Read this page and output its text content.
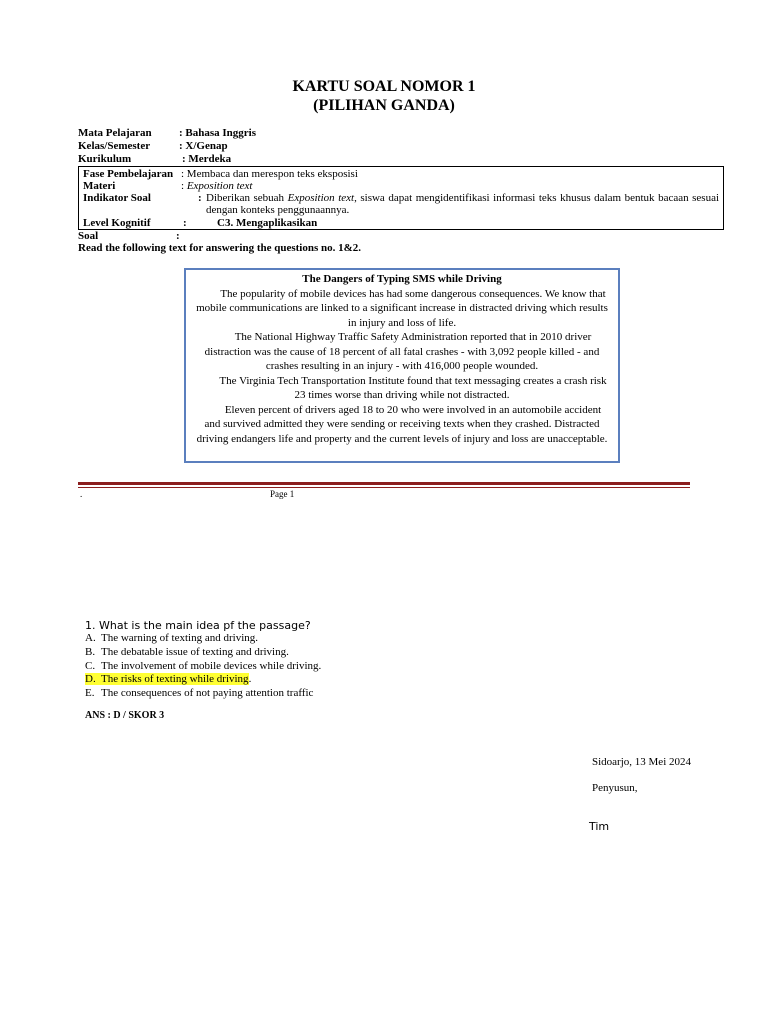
KARTU SOAL NOMOR 1
(PILIHAN GANDA)
Mata Pelajaran : Bahasa Inggris
Kelas/Semester	: X/Genap
Kurikulum	: Merdeka
Fase Pembelajaran : Membaca dan merespon teks eksposisi
Materi	: Exposition text
Indikator Soal	: Diberikan sebuah Exposition text, siswa dapat mengidentifikasi informasi teks khusus dalam bentuk bacaan sesuai dengan konteks penggunaannya.
Level Kognitif	:	C3. Mengaplikasikan
Soal	:
Read the following text for answering the questions no. 1&2.

The Dangers of Typing SMS while Driving

The popularity of mobile devices has had some dangerous consequences. We know that mobile communications are linked to a significant increase in distracted driving which results in injury and loss of life.

The National Highway Traffic Safety Administration reported that in 2010 driver distraction was the cause of 18 percent of all fatal crashes - with 3,092 people killed - and crashes resulting in an injury - with 416,000 people wounded.

The Virginia Tech Transportation Institute found that text messaging creates a crash risk 23 times worse than driving while not distracted.

Eleven percent of drivers aged 18 to 20 who were involved in an automobile accident and survived admitted they were sending or receiving texts when they crashed. Distracted driving endangers life and property and the current levels of injury and loss are unacceptable.

.	Page 1
1. What is the main idea pf the passage?
A. The warning of texting and driving.
B. The debatable issue of texting and driving.
C. The involvement of mobile devices while driving.
D. The risks of texting while driving.
E. The consequences of not paying attention traffic
ANS : D / SKOR 3
Sidoarjo, 13 Mei 2024
Penyusun,
Tim
